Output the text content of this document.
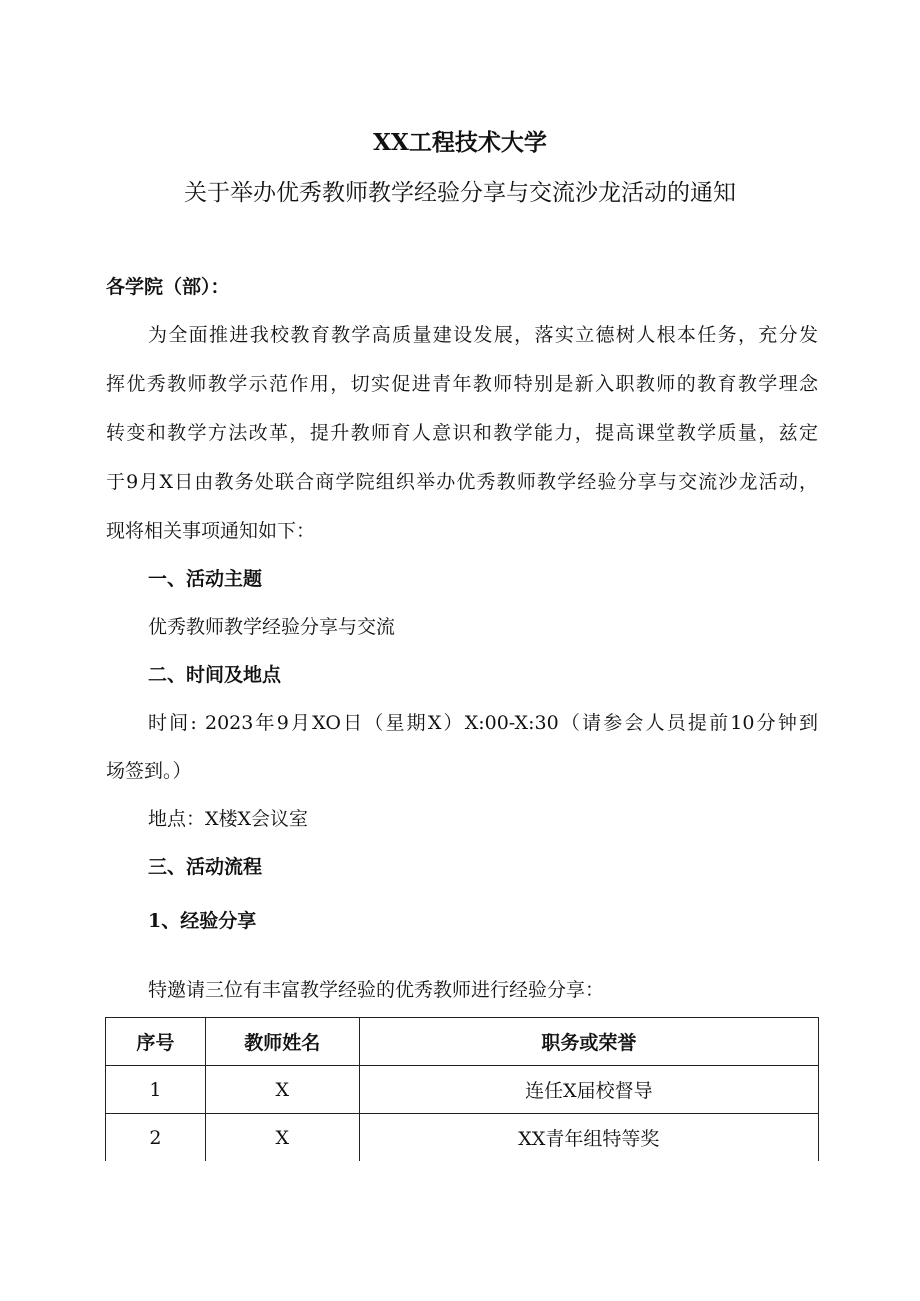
XX工程技术大学
关于举办优秀教师教学经验分享与交流沙龙活动的通知
各学院（部）：
为全面推进我校教育教学高质量建设发展，落实立德树人根本任务，充分发
挥优秀教师教学示范作用，切实促进青年教师特别是新入职教师的教育教学理念
转变和教学方法改革，提升教师育人意识和教学能力，提高课堂教学质量，兹定
于9月X日由教务处联合商学院组织举办优秀教师教学经验分享与交流沙龙活动，
现将相关事项通知如下：
一、活动主题
优秀教师教学经验分享与交流
二、时间及地点
时间: 2023年9月XO日（星期X）X:00-X:30（请参会人员提前10分钟到
场签到。）
地点：X楼X会议室
三、活动流程
1、经验分享
特邀请三位有丰富教学经验的优秀教师进行经验分享：
序号	教师姓名	职务或荣誉
1	X	连任X届校督导
2	X	XX青年组特等奖
